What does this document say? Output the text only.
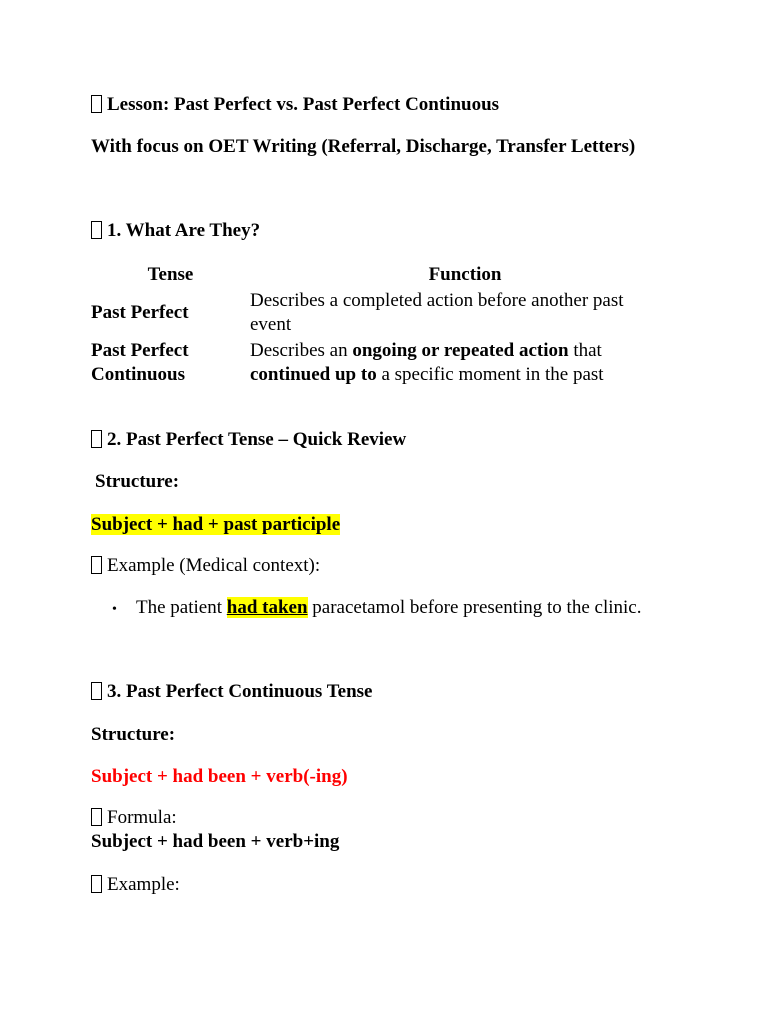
Lesson: Past Perfect vs. Past Perfect Continuous
With focus on OET Writing (Referral, Discharge, Transfer Letters)
1. What Are They?
Tense	Function
Past Perfect	Describes a completed action before another past
event
Past Perfect
Continuous	Describes an ongoing or repeated action that
continued up to a specific moment in the past
2. Past Perfect Tense – Quick Review
Structure:
Subject + had + past participle
Example (Medical context):
• The patient had taken paracetamol before presenting to the clinic.
3. Past Perfect Continuous Tense
Structure:
Subject + had been + verb(-ing)
Formula:
Subject + had been + verb+ing
Example:
